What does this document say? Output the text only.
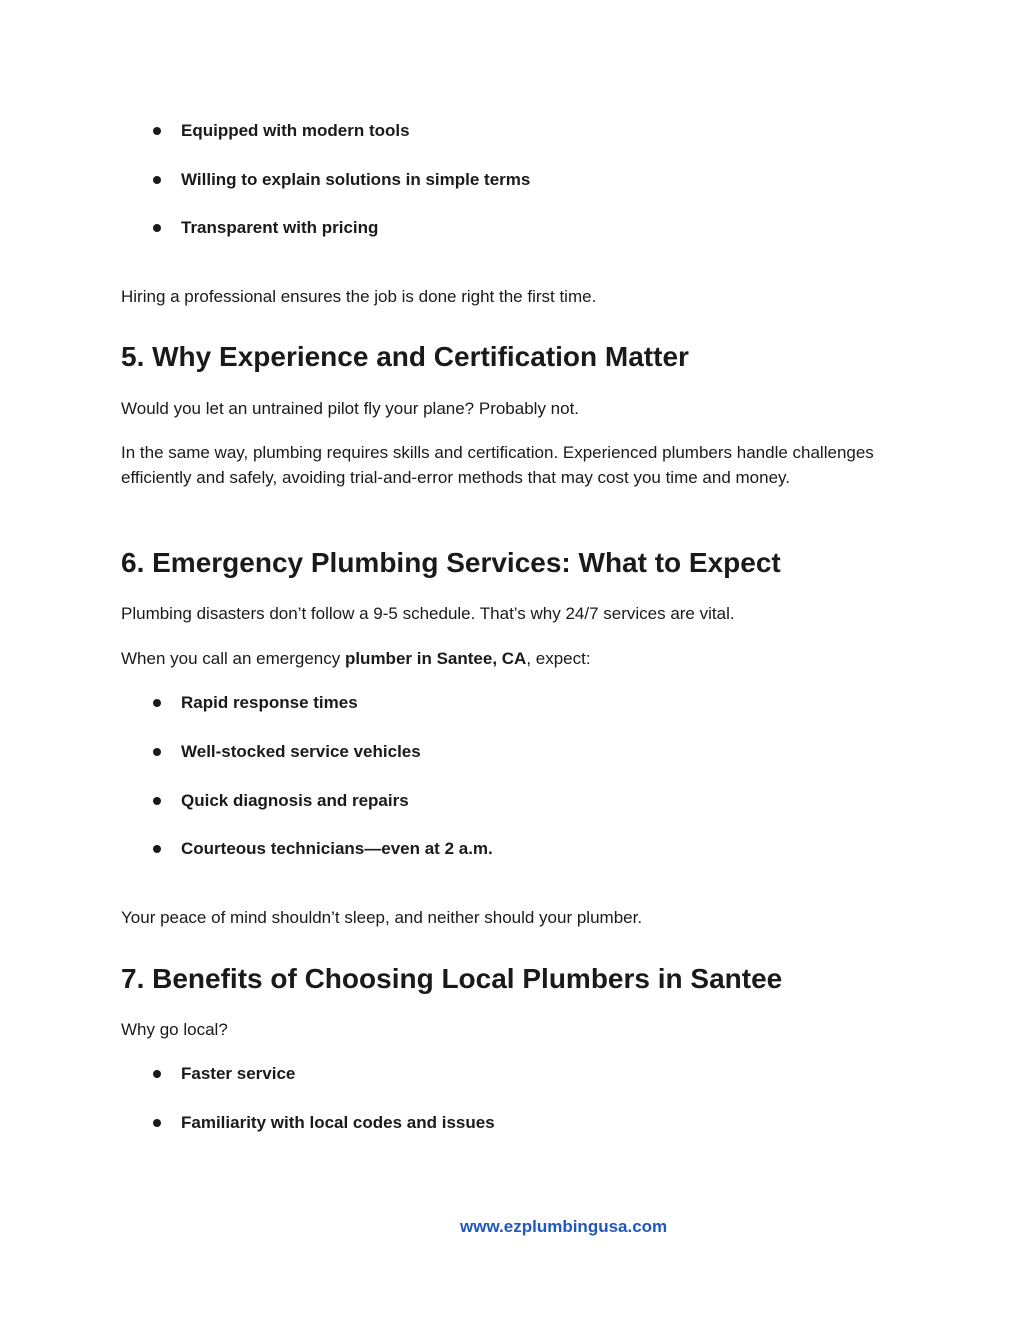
Equipped with modern tools
Willing to explain solutions in simple terms
Transparent with pricing
Hiring a professional ensures the job is done right the first time.
5. Why Experience and Certification Matter
Would you let an untrained pilot fly your plane? Probably not.
In the same way, plumbing requires skills and certification. Experienced plumbers handle challenges efficiently and safely, avoiding trial-and-error methods that may cost you time and money.
6. Emergency Plumbing Services: What to Expect
Plumbing disasters don’t follow a 9-5 schedule. That’s why 24/7 services are vital.
When you call an emergency plumber in Santee, CA, expect:
Rapid response times
Well-stocked service vehicles
Quick diagnosis and repairs
Courteous technicians—even at 2 a.m.
Your peace of mind shouldn’t sleep, and neither should your plumber.
7. Benefits of Choosing Local Plumbers in Santee
Why go local?
Faster service
Familiarity with local codes and issues
www.ezplumbingusa.com
